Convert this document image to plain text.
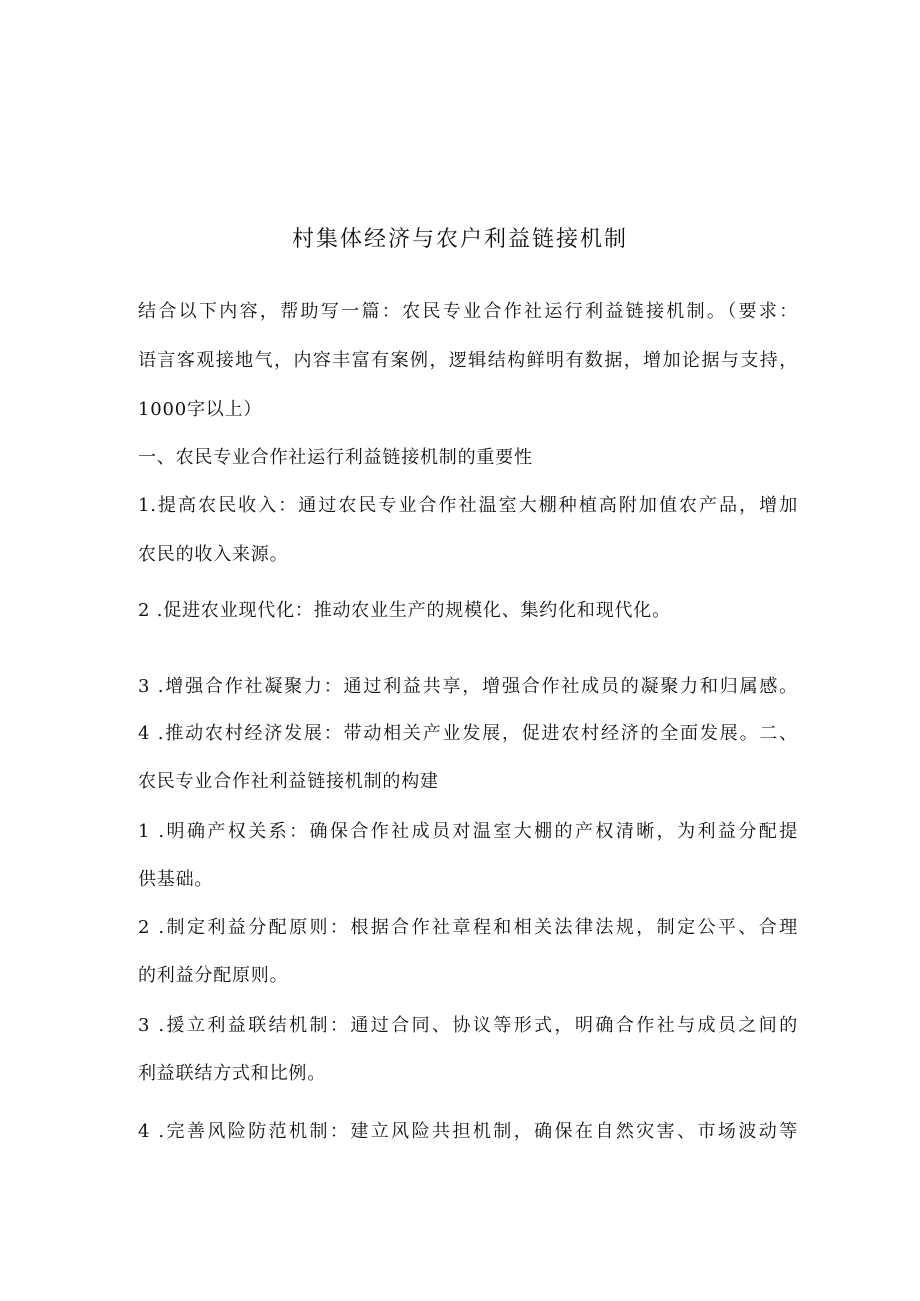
村集体经济与农户利益链接机制
结合以下内容，帮助写一篇：农民专业合作社运行利益链接机制。（要求：
语言客观接地气，内容丰富有案例，逻辑结构鲜明有数据，增加论据与支持，
1000字以上）
一、农民专业合作社运行利益链接机制的重要性
1.提高农民收入：通过农民专业合作社温室大棚种植高附加值农产品，增加
农民的收入来源。
2 .促进农业现代化：推动农业生产的规模化、集约化和现代化。
3 .增强合作社凝聚力：通过利益共享，增强合作社成员的凝聚力和归属感。
4 .推动农村经济发展：带动相关产业发展，促进农村经济的全面发展。二、
农民专业合作社利益链接机制的构建
1 .明确产权关系：确保合作社成员对温室大棚的产权清晰，为利益分配提
供基础。
2 .制定利益分配原则：根据合作社章程和相关法律法规，制定公平、合理
的利益分配原则。
3 .援立利益联结机制：通过合同、协议等形式，明确合作社与成员之间的
利益联结方式和比例。
4 .完善风险防范机制：建立风险共担机制，确保在自然灾害、市场波动等
